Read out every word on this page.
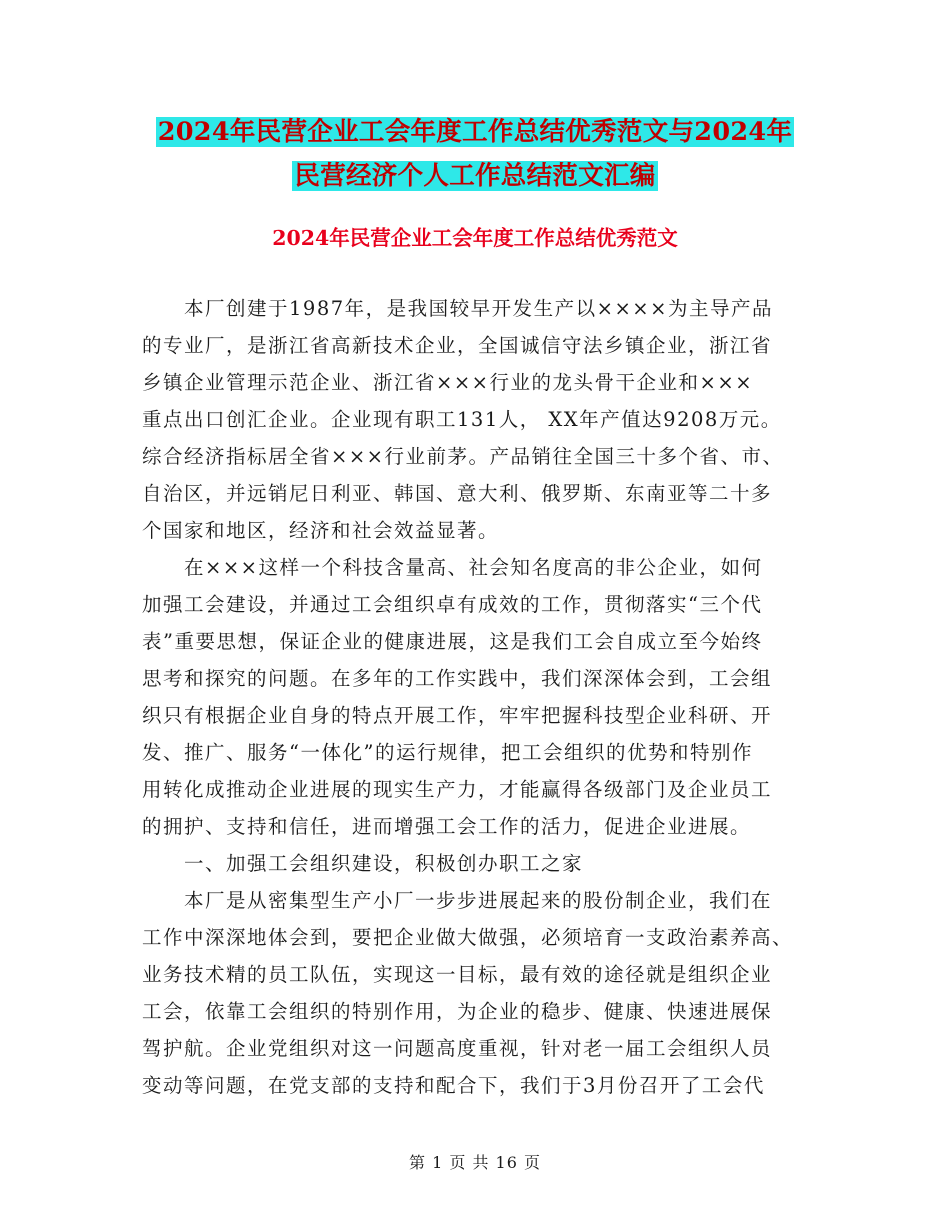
2024年民营企业工会年度工作总结优秀范文与2024年
民营经济个人工作总结范文汇编
2024年民营企业工会年度工作总结优秀范文

　　本厂创建于1987年，是我国较早开发生产以××××为主导产品

的专业厂，是浙江省高新技术企业，全国诚信守法乡镇企业，浙江省

乡镇企业管理示范企业、浙江省×××行业的龙头骨干企业和×××

重点出口创汇企业。企业现有职工131人， XX年产值达9208万元。

综合经济指标居全省×××行业前茅。产品销往全国三十多个省、市、

自治区，并远销尼日利亚、韩国、意大利、俄罗斯、东南亚等二十多

个国家和地区，经济和社会效益显著。

　　在×××这样一个科技含量高、社会知名度高的非公企业，如何

加强工会建设，并通过工会组织卓有成效的工作，贯彻落实“三个代

表”重要思想，保证企业的健康进展，这是我们工会自成立至今始终

思考和探究的问题。在多年的工作实践中，我们深深体会到，工会组

织只有根据企业自身的特点开展工作，牢牢把握科技型企业科研、开

发、推广、服务“一体化”的运行规律，把工会组织的优势和特别作

用转化成推动企业进展的现实生产力，才能赢得各级部门及企业员工

的拥护、支持和信任，进而增强工会工作的活力，促进企业进展。

　　一、加强工会组织建设，积极创办职工之家

　　本厂是从密集型生产小厂一步步进展起来的股份制企业，我们在

工作中深深地体会到，要把企业做大做强，必须培育一支政治素养高、

业务技术精的员工队伍，实现这一目标，最有效的途径就是组织企业

工会，依靠工会组织的特别作用，为企业的稳步、健康、快速进展保

驾护航。企业党组织对这一问题高度重视，针对老一届工会组织人员

变动等问题，在党支部的支持和配合下，我们于3月份召开了工会代

第 1 页 共 16 页
